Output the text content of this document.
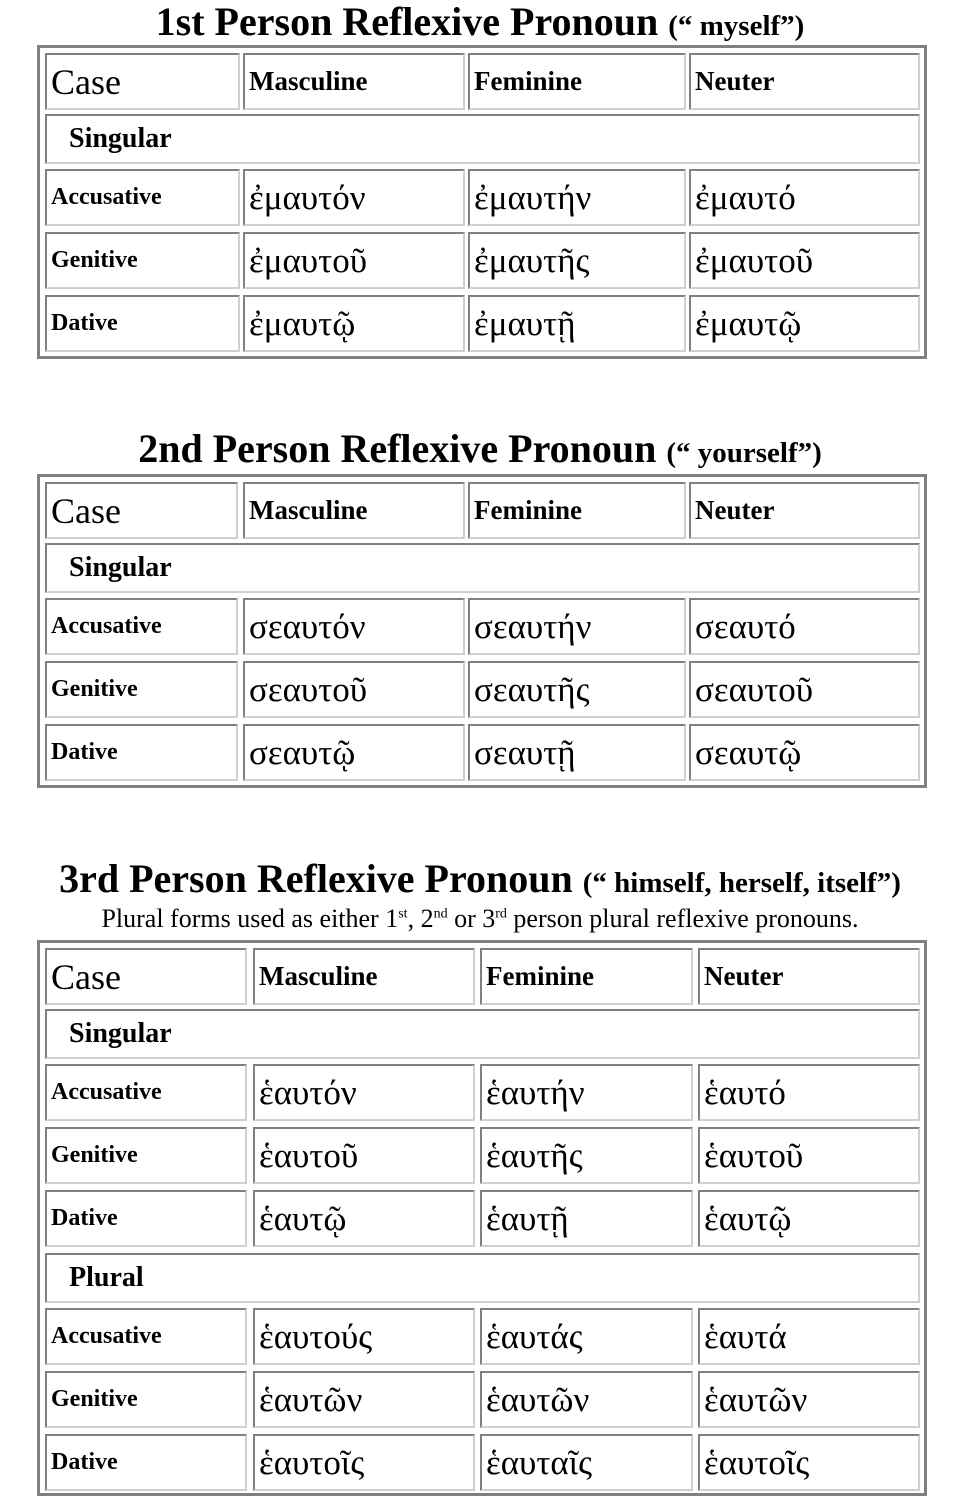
1st Person Reflexive Pronoun (“ myself”)
Case	Masculine	Feminine	Neuter
Singular
Accusative	ἐμαυτόν	ἐμαυτήν	ἐμαυτό
Genitive	ἐμαυτοῦ	ἐμαυτῆς	ἐμαυτοῦ
Dative	ἐμαυτῷ	ἐμαυτῇ	ἐμαυτῷ
2nd Person Reflexive Pronoun (“ yourself”)
Case	Masculine	Feminine	Neuter
Singular
Accusative	σεαυτόν	σεαυτήν	σεαυτό
Genitive	σεαυτοῦ	σεαυτῆς	σεαυτοῦ
Dative	σεαυτῷ	σεαυτῇ	σεαυτῷ
3rd Person Reflexive Pronoun (“ himself, herself, itself”)
Plural forms used as either 1st, 2nd or 3rd person plural reflexive pronouns.
Case	Masculine	Feminine	Neuter
Singular
Accusative	ἑαυτόν	ἑαυτήν	ἑαυτό
Genitive	ἑαυτοῦ	ἑαυτῆς	ἑαυτοῦ
Dative	ἑαυτῷ	ἑαυτῇ	ἑαυτῷ
Plural
Accusative	ἑαυτούς	ἑαυτάς	ἑαυτά
Genitive	ἑαυτῶν	ἑαυτῶν	ἑαυτῶν
Dative	ἑαυτοῖς	ἑαυταῖς	ἑαυτοῖς
